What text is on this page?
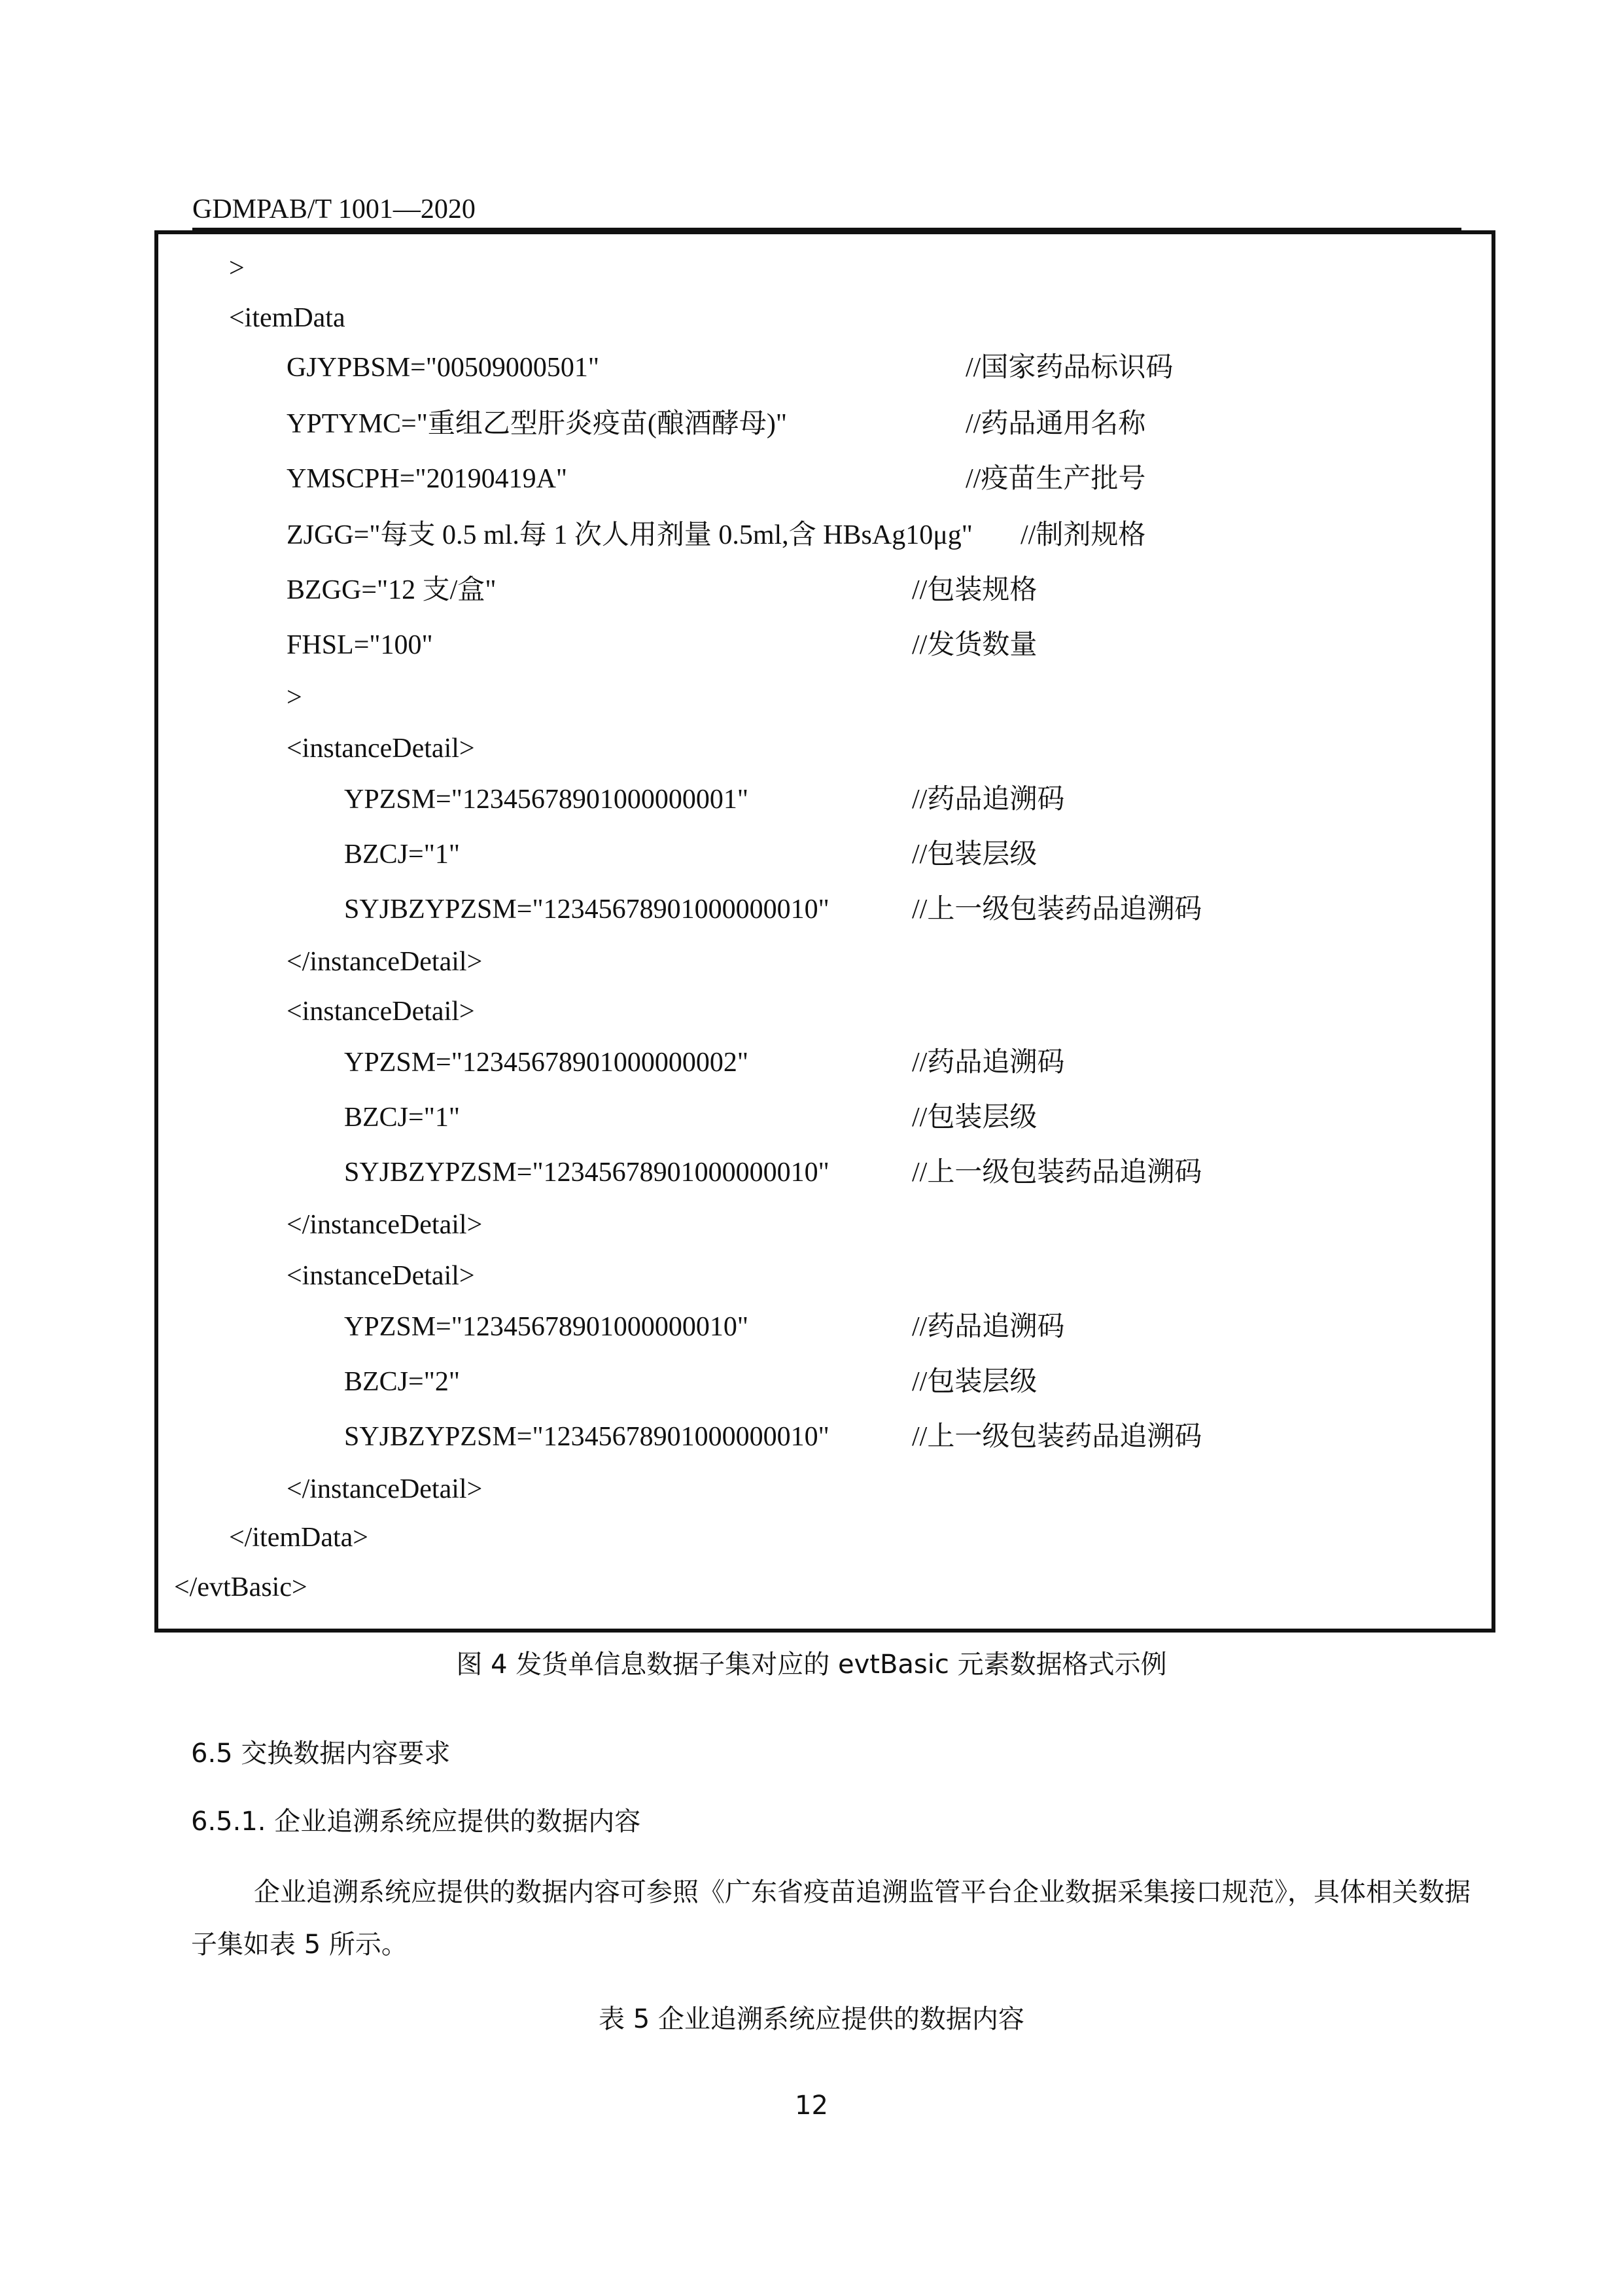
GDMPAB/T 1001—2020
>
<itemData
GJYPBSM="00509000501"	//国家药品标识码
YPTYMC="重组乙型肝炎疫苗(酿酒酵母)"	//药品通用名称
YMSCPH="20190419A"	//疫苗生产批号
ZJGG="每支 0.5 ml.每 1 次人用剂量 0.5ml,含 HBsAg10μg" //制剂规格
BZGG="12 支/盒"	//包装规格
FHSL="100"	//发货数量
>
<instanceDetail>
YPZSM="12345678901000000001"	//药品追溯码
BZCJ="1"	//包装层级
SYJBZYPZSM="12345678901000000010"	//上一级包装药品追溯码
</instanceDetail>
<instanceDetail>
YPZSM="12345678901000000002"	//药品追溯码
BZCJ="1"	//包装层级
SYJBZYPZSM="12345678901000000010"	//上一级包装药品追溯码
</instanceDetail>
<instanceDetail>
YPZSM="12345678901000000010"	//药品追溯码
BZCJ="2"	//包装层级
SYJBZYPZSM="12345678901000000010"	//上一级包装药品追溯码
</instanceDetail>
</itemData>
</evtBasic>
图 4 发货单信息数据子集对应的 evtBasic 元素数据格式示例
6.5 交换数据内容要求
6.5.1. 企业追溯系统应提供的数据内容
企业追溯系统应提供的数据内容可参照《广东省疫苗追溯监管平台企业数据采集接口规范》，具体相关数据子集如表 5 所示。
表 5 企业追溯系统应提供的数据内容
12
